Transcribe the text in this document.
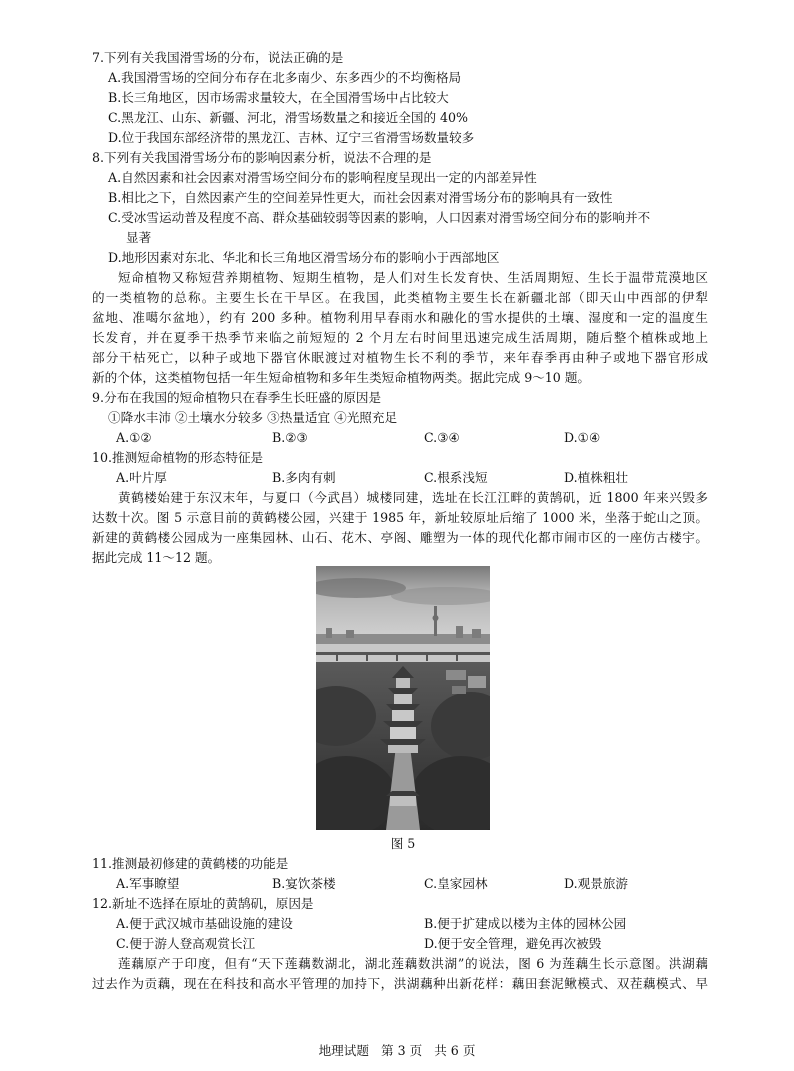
7.下列有关我国滑雪场的分布，说法正确的是
A.我国滑雪场的空间分布存在北多南少、东多西少的不均衡格局
B.长三角地区，因市场需求量较大，在全国滑雪场中占比较大
C.黑龙江、山东、新疆、河北，滑雪场数量之和接近全国的 40%
D.位于我国东部经济带的黑龙江、吉林、辽宁三省滑雪场数量较多
8.下列有关我国滑雪场分布的影响因素分析，说法不合理的是
A.自然因素和社会因素对滑雪场空间分布的影响程度呈现出一定的内部差异性
B.相比之下，自然因素产生的空间差异性更大，而社会因素对滑雪场分布的影响具有一致性
C.受冰雪运动普及程度不高、群众基础较弱等因素的影响，人口因素对滑雪场空间分布的影响并不
显著
D.地形因素对东北、华北和长三角地区滑雪场分布的影响小于西部地区
短命植物又称短营养期植物、短期生植物，是人们对生长发育快、生活周期短、生长于温带荒漠地区
的一类植物的总称。主要生长在干旱区。在我国，此类植物主要生长在新疆北部（即天山中西部的伊犁
盆地、准噶尔盆地），约有 200 多种。植物利用早春雨水和融化的雪水提供的土壤、湿度和一定的温度生
长发育，并在夏季干热季节来临之前短短的 2 个月左右时间里迅速完成生活周期，随后整个植株或地上
部分干枯死亡，以种子或地下器官休眠渡过对植物生长不利的季节，来年春季再由种子或地下器官形成
新的个体，这类植物包括一年生短命植物和多年生类短命植物两类。据此完成 9～10 题。
9.分布在我国的短命植物只在春季生长旺盛的原因是
①降水丰沛 ②土壤水分较多 ③热量适宜 ④光照充足
A.①②	B.②③	C.③④	D.①④
10.推测短命植物的形态特征是
A.叶片厚	B.多肉有刺	C.根系浅短	D.植株粗壮
黄鹤楼始建于东汉末年，与夏口（今武昌）城楼同建，选址在长江江畔的黄鹄矶，近 1800 年来兴毁多
达数十次。图 5 示意目前的黄鹤楼公园，兴建于 1985 年，新址较原址后缩了 1000 米，坐落于蛇山之顶。
新建的黄鹤楼公园成为一座集园林、山石、花木、亭阁、雕塑为一体的现代化都市闹市区的一座仿古楼宇。
据此完成 11～12 题。
图 5
11.推测最初修建的黄鹤楼的功能是
A.军事瞭望	B.宴饮茶楼	C.皇家园林	D.观景旅游
12.新址不选择在原址的黄鹄矶，原因是
A.便于武汉城市基础设施的建设	B.便于扩建成以楼为主体的园林公园
C.便于游人登高观赏长江	D.便于安全管理，避免再次被毁
莲藕原产于印度，但有“天下莲藕数湖北，湖北莲藕数洪湖”的说法，图 6 为莲藕生长示意图。洪湖藕
过去作为贡藕，现在在科技和高水平管理的加持下，洪湖藕种出新花样：藕田套泥鳅模式、双茬藕模式、早
地理试题 第 3 页 共 6 页
